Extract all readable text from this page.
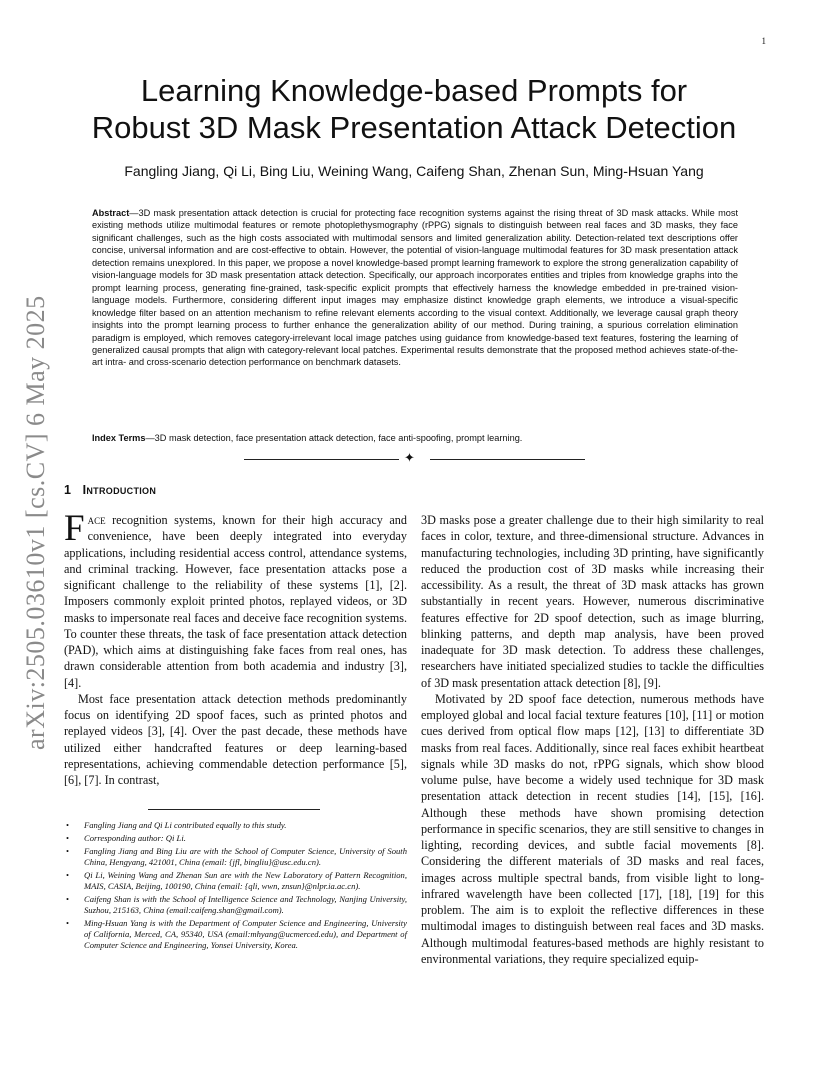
1
arXiv:2505.03610v1 [cs.CV] 6 May 2025
Learning Knowledge-based Prompts for
Robust 3D Mask Presentation Attack Detection
Fangling Jiang, Qi Li, Bing Liu, Weining Wang, Caifeng Shan, Zhenan Sun, Ming-Hsuan Yang
Abstract—3D mask presentation attack detection is crucial for protecting face recognition systems against the rising threat of 3D mask attacks. While most existing methods utilize multimodal features or remote photoplethysmography (rPPG) signals to distinguish between real faces and 3D masks, they face significant challenges, such as the high costs associated with multimodal sensors and limited generalization ability. Detection-related text descriptions offer concise, universal information and are cost-effective to obtain. However, the potential of vision-language multimodal features for 3D mask presentation attack detection remains unexplored. In this paper, we propose a novel knowledge-based prompt learning framework to explore the strong generalization capability of vision-language models for 3D mask presentation attack detection. Specifically, our approach incorporates entities and triples from knowledge graphs into the prompt learning process, generating fine-grained, task-specific explicit prompts that effectively harness the knowledge embedded in pre-trained vision-language models. Furthermore, considering different input images may emphasize distinct knowledge graph elements, we introduce a visual-specific knowledge filter based on an attention mechanism to refine relevant elements according to the visual context. Additionally, we leverage causal graph theory insights into the prompt learning process to further enhance the generalization ability of our method. During training, a spurious correlation elimination paradigm is employed, which removes category-irrelevant local image patches using guidance from knowledge-based text features, fostering the learning of generalized causal prompts that align with category-relevant local patches. Experimental results demonstrate that the proposed method achieves state-of-the-art intra- and cross-scenario detection performance on benchmark datasets.
Index Terms—3D mask detection, face presentation attack detection, face anti-spoofing, prompt learning.
✦
1 Introduction

Face recognition systems, known for their high accuracy and convenience, have been deeply integrated into everyday applications, including residential access control, attendance systems, and criminal tracking. However, face presentation attacks pose a significant challenge to the reliability of these systems [1], [2]. Imposers commonly exploit printed photos, replayed videos, or 3D masks to impersonate real faces and deceive face recognition systems. To counter these threats, the task of face presentation attack detection (PAD), which aims at distinguishing fake faces from real ones, has drawn considerable attention from both academia and industry [3], [4].

Most face presentation attack detection methods predominantly focus on identifying 2D spoof faces, such as printed photos and replayed videos [3], [4]. Over the past decade, these methods have utilized either handcrafted features or deep learning-based representations, achieving commendable detection performance [5], [6], [7]. In contrast,

• Fangling Jiang and Qi Li contributed equally to this study.
• Corresponding author: Qi Li.
• Fangling Jiang and Bing Liu are with the School of Computer Science, University of South China, Hengyang, 421001, China (email: {jfl, bingliu}@usc.edu.cn).
• Qi Li, Weining Wang and Zhenan Sun are with the New Laboratory of Pattern Recognition, MAIS, CASIA, Beijing, 100190, China (email: {qli, wwn, znsun}@nlpr.ia.ac.cn).
• Caifeng Shan is with the School of Intelligence Science and Technology, Nanjing University, Suzhou, 215163, China (email:caifeng.shan@gmail.com).
• Ming-Hsuan Yang is with the Department of Computer Science and Engineering, University of California, Merced, CA, 95340, USA (email:mhyang@ucmerced.edu), and Department of Computer Science and Engineering, Yonsei University, Korea.

3D masks pose a greater challenge due to their high similarity to real faces in color, texture, and three-dimensional structure. Advances in manufacturing technologies, including 3D printing, have significantly reduced the production cost of 3D masks while increasing their accessibility. As a result, the threat of 3D mask attacks has grown substantially in recent years. However, numerous discriminative features effective for 2D spoof detection, such as image blurring, blinking patterns, and depth map analysis, have been proved inadequate for 3D mask detection. To address these challenges, researchers have initiated specialized studies to tackle the difficulties of 3D mask presentation attack detection [8], [9].

Motivated by 2D spoof face detection, numerous methods have employed global and local facial texture features [10], [11] or motion cues derived from optical flow maps [12], [13] to differentiate 3D masks from real faces. Additionally, since real faces exhibit heartbeat signals while 3D masks do not, rPPG signals, which show blood volume pulse, have become a widely used technique for 3D mask presentation attack detection in recent studies [14], [15], [16]. Although these methods have shown promising detection performance in specific scenarios, they are still sensitive to changes in lighting, recording devices, and subtle facial movements [8]. Considering the different materials of 3D masks and real faces, images across multiple spectral bands, from visible light to long-infrared wavelength have been collected [17], [18], [19] for this problem. The aim is to exploit the reflective differences in these multimodal images to distinguish between real faces and 3D masks. Although multimodal features-based methods are highly resistant to environmental variations, they require specialized equip-
